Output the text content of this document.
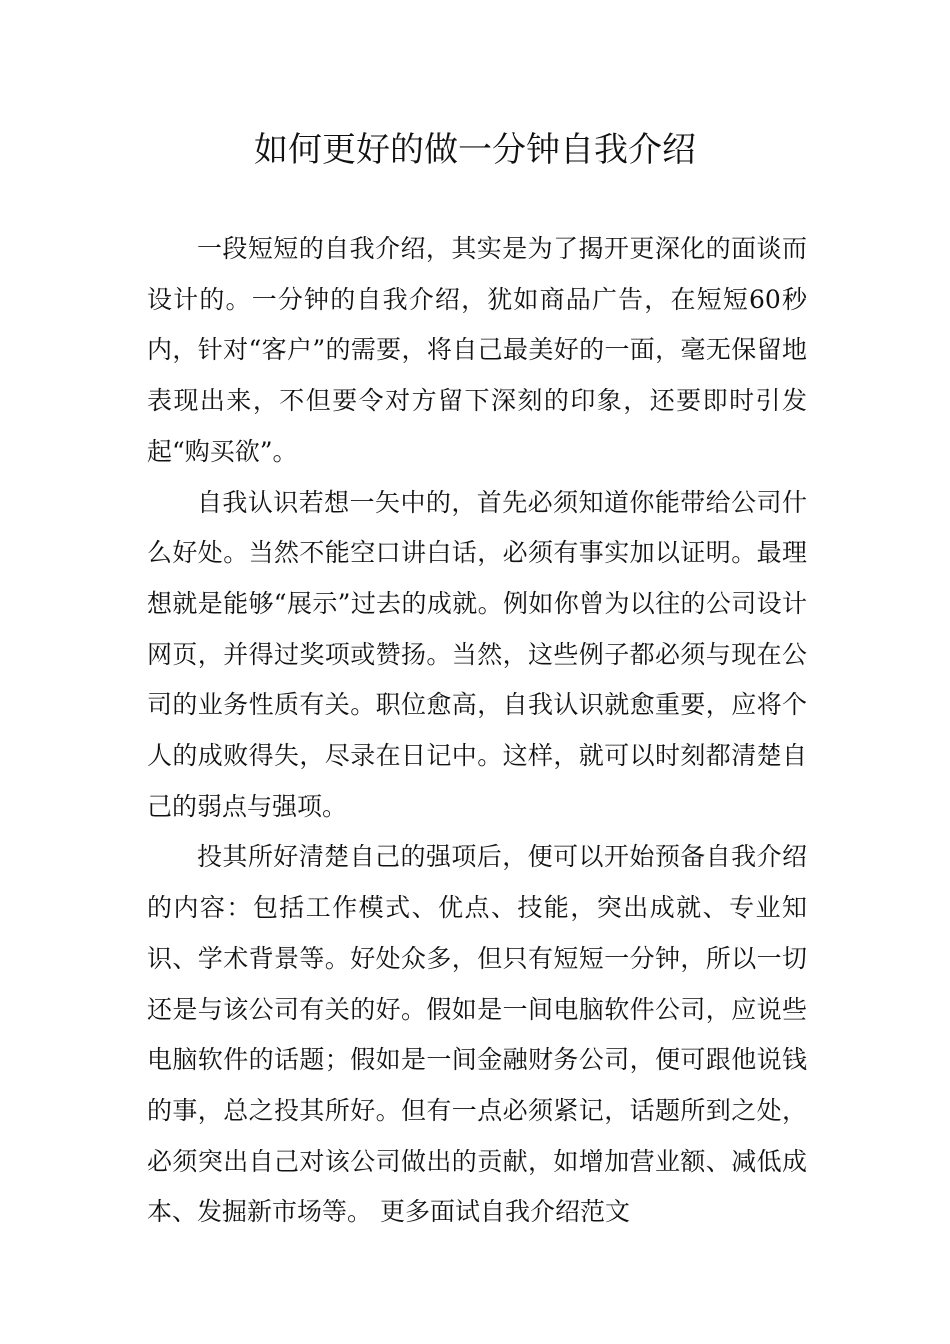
如何更好的做一分钟自我介绍

一段短短的自我介绍，其实是为了揭开更深化的面谈而设计的。一分钟的自我介绍，犹如商品广告，在短短60秒内，针对“客户”的需要，将自己最美好的一面，毫无保留地表现出来，不但要令对方留下深刻的印象，还要即时引发起“购买欲”。

自我认识若想一矢中的，首先必须知道你能带给公司什么好处。当然不能空口讲白话，必须有事实加以证明。最理想就是能够“展示”过去的成就。例如你曾为以往的公司设计网页，并得过奖项或赞扬。当然，这些例子都必须与现在公司的业务性质有关。职位愈高，自我认识就愈重要，应将个人的成败得失，尽录在日记中。这样，就可以时刻都清楚自己的弱点与强项。

投其所好清楚自己的强项后，便可以开始预备自我介绍的内容：包括工作模式、优点、技能，突出成就、专业知识、学术背景等。好处众多，但只有短短一分钟，所以一切还是与该公司有关的好。假如是一间电脑软件公司，应说些电脑软件的话题；假如是一间金融财务公司，便可跟他说钱的事，总之投其所好。但有一点必须紧记，话题所到之处，必须突出自己对该公司做出的贡献，如增加营业额、减低成本、发掘新市场等。 更多面试自我介绍范文
